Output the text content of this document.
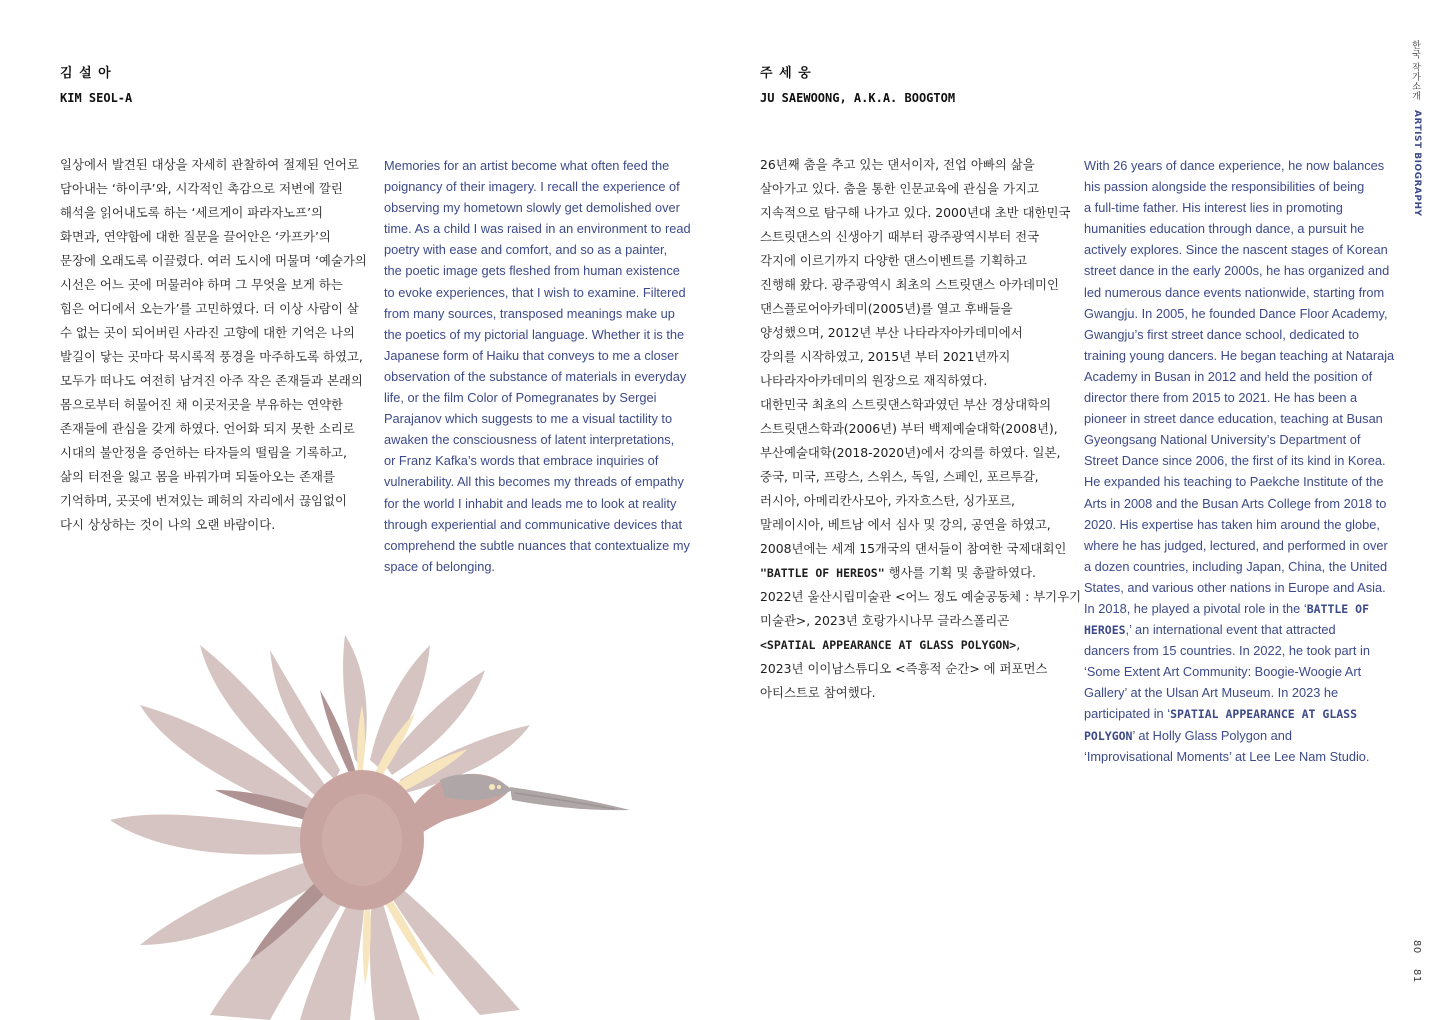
김 설 아
KIM SEOL-A
일상에서 발견된 대상을 자세히 관찰하여 절제된 언어로
담아내는 ‘하이쿠’와, 시각적인 촉감으로 저변에 깔린
해석을 읽어내도록 하는 ‘세르게이 파라자노프’의
화면과, 연약함에 대한 질문을 끌어안은 ‘카프카’의
문장에 오래도록 이끌렸다. 여러 도시에 머물며 ‘예술가의
시선은 어느 곳에 머물러야 하며 그 무엇을 보게 하는
힘은 어디에서 오는가’를 고민하였다. 더 이상 사람이 살
수 없는 곳이 되어버린 사라진 고향에 대한 기억은 나의
발길이 닿는 곳마다 묵시록적 풍경을 마주하도록 하였고,
모두가 떠나도 여전히 남겨진 아주 작은 존재들과 본래의
몸으로부터 허물어진 채 이곳저곳을 부유하는 연약한
존재들에 관심을 갖게 하였다. 언어화 되지 못한 소리로
시대의 불안정을 증언하는 타자들의 떨림을 기록하고,
삶의 터전을 잃고 몸을 바꿔가며 되돌아오는 존재를
기억하며, 곳곳에 번져있는 폐허의 자리에서 끊임없이
다시 상상하는 것이 나의 오랜 바람이다.
Memories for an artist become what often feed the
poignancy of their imagery. I recall the experience of
observing my hometown slowly get demolished over
time. As a child I was raised in an environment to read
poetry with ease and comfort, and so as a painter,
the poetic image gets fleshed from human existence
to evoke experiences, that I wish to examine. Filtered
from many sources, transposed meanings make up
the poetics of my pictorial language. Whether it is the
Japanese form of Haiku that conveys to me a closer
observation of the substance of materials in everyday
life, or the film Color of Pomegranates by Sergei
Parajanov which suggests to me a visual tactility to
awaken the consciousness of latent interpretations,
or Franz Kafka’s words that embrace inquiries of
vulnerability. All this becomes my threads of empathy
for the world I inhabit and leads me to look at reality
through experiential and communicative devices that
comprehend the subtle nuances that contextualize my
space of belonging.
주 세 웅
JU SAEWOONG, A.K.A. BOOGTOM
26년째 춤을 추고 있는 댄서이자, 전업 아빠의 삶을
살아가고 있다. 춤을 통한 인문교육에 관심을 가지고
지속적으로 탐구해 나가고 있다. 2000년대 초반 대한민국
스트릿댄스의 신생아기 때부터 광주광역시부터 전국
각지에 이르기까지 다양한 댄스이벤트를 기획하고
진행해 왔다. 광주광역시 최초의 스트릿댄스 아카데미인
댄스플로어아카데미(2005년)를 열고 후배들을
양성했으며, 2012년 부산 나타라자아카데미에서
강의를 시작하였고, 2015년 부터 2021년까지
나타라자아카데미의 원장으로 재직하였다.
대한민국 최초의 스트릿댄스학과였던 부산 경상대학의
스트릿댄스학과(2006년) 부터 백제예술대학(2008년),
부산예술대학(2018-2020년)에서 강의를 하였다. 일본,
중국, 미국, 프랑스, 스위스, 독일, 스페인, 포르투갈,
러시아, 아메리칸사모아, 카자흐스탄, 싱가포르,
말레이시아, 베트남 에서 심사 및 강의, 공연을 하였고,
2008년에는 세계 15개국의 댄서들이 참여한 국제대회인
"BATTLE OF HEREOS" 행사를 기획 및 총괄하였다.
2022년 울산시립미술관 <어느 정도 예술공동체 : 부기우기
미술관>, 2023년 호랑가시나무 글라스폴리곤
<SPATIAL APPEARANCE AT GLASS POLYGON>,
2023년 이이남스튜디오 <즉흥적 순간> 에 퍼포먼스
아티스트로 참여했다.
With 26 years of dance experience, he now balances
his passion alongside the responsibilities of being
a full-time father. His interest lies in promoting
humanities education through dance, a pursuit he
actively explores. Since the nascent stages of Korean
street dance in the early 2000s, he has organized and
led numerous dance events nationwide, starting from
Gwangju. In 2005, he founded Dance Floor Academy,
Gwangju’s first street dance school, dedicated to
training young dancers. He began teaching at Nataraja
Academy in Busan in 2012 and held the position of
director there from 2015 to 2021. He has been a
pioneer in street dance education, teaching at Busan
Gyeongsang National University’s Department of
Street Dance since 2006, the first of its kind in Korea.
He expanded his teaching to Paekche Institute of the
Arts in 2008 and the Busan Arts College from 2018 to
2020. His expertise has taken him around the globe,
where he has judged, lectured, and performed in over
a dozen countries, including Japan, China, the United
States, and various other nations in Europe and Asia.
In 2018, he played a pivotal role in the ‘BATTLE OF
HEROES,’ an international event that attracted
dancers from 15 countries. In 2022, he took part in
‘Some Extent Art Community: Boogie-Woogie Art
Gallery’ at the Ulsan Art Museum. In 2023 he
participated in ‘SPATIAL APPEARANCE AT GLASS
POLYGON’ at Holly Glass Polygon and
‘Improvisational Moments’ at Lee Lee Nam Studio.
한국 작가소개
ARTIST BIOGRAPHY
80 81
